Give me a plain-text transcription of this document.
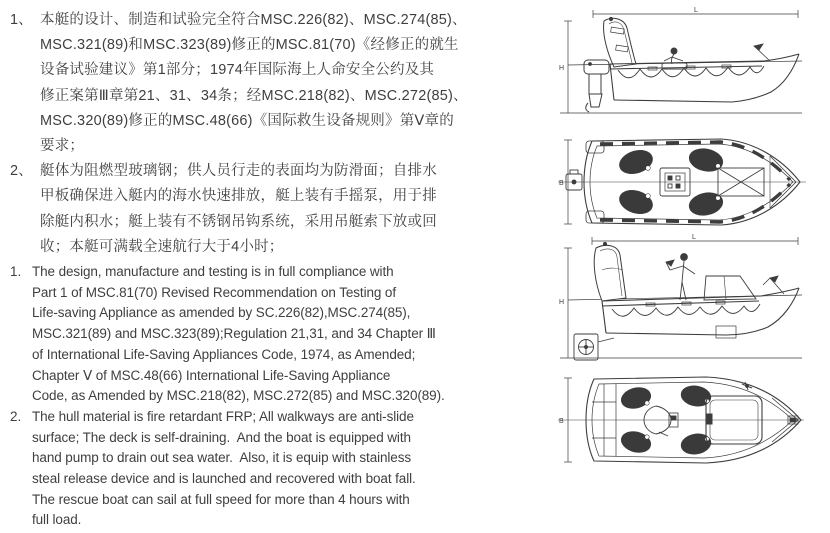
1、 本艇的设计、制造和试验完全符合MSC.226(82)、MSC.274(85)、
MSC.321(89)和MSC.323(89)修正的MSC.81(70)《经修正的就生
设备试验建议》第1部分；1974年国际海上人命安全公约及其
修正案第Ⅲ章第21、31、34条；经MSC.218(82)、MSC.272(85)、
MSC.320(89)修正的MSC.48(66)《国际救生设备规则》第Ⅴ章的
要求；
2、 艇体为阻燃型玻璃钢；供人员行走的表面均为防滑面；自排水
甲板确保进入艇内的海水快速排放，艇上装有手摇泵，用于排
除艇内积水；艇上装有不锈钢吊钩系统，采用吊艇索下放或回
收；本艇可满载全速航行大于4小时；
1. The design, manufacture and testing is in full compliance with
Part 1 of MSC.81(70) Revised Recommendation on Testing of
Life-saving Appliance as amended by SC.226(82),MSC.274(85),
MSC.321(89) and MSC.323(89);Regulation 21,31, and 34 Chapter Ⅲ
of International Life-Saving Appliances Code, 1974, as Amended;
Chapter Ⅴ of MSC.48(66) International Life-Saving Appliance
Code, as Amended by MSC.218(82), MSC.272(85) and MSC.320(89).
2. The hull material is fire retardant FRP; All walkways are anti-slide
surface; The deck is self-draining.  And the boat is equipped with
hand pump to drain out sea water.  Also, it is equip with stainless
steal release device and is launched and recovered with boat fall.
The rescue boat can sail at full speed for more than 4 hours with
full load.
L
H
B
L
H
B
